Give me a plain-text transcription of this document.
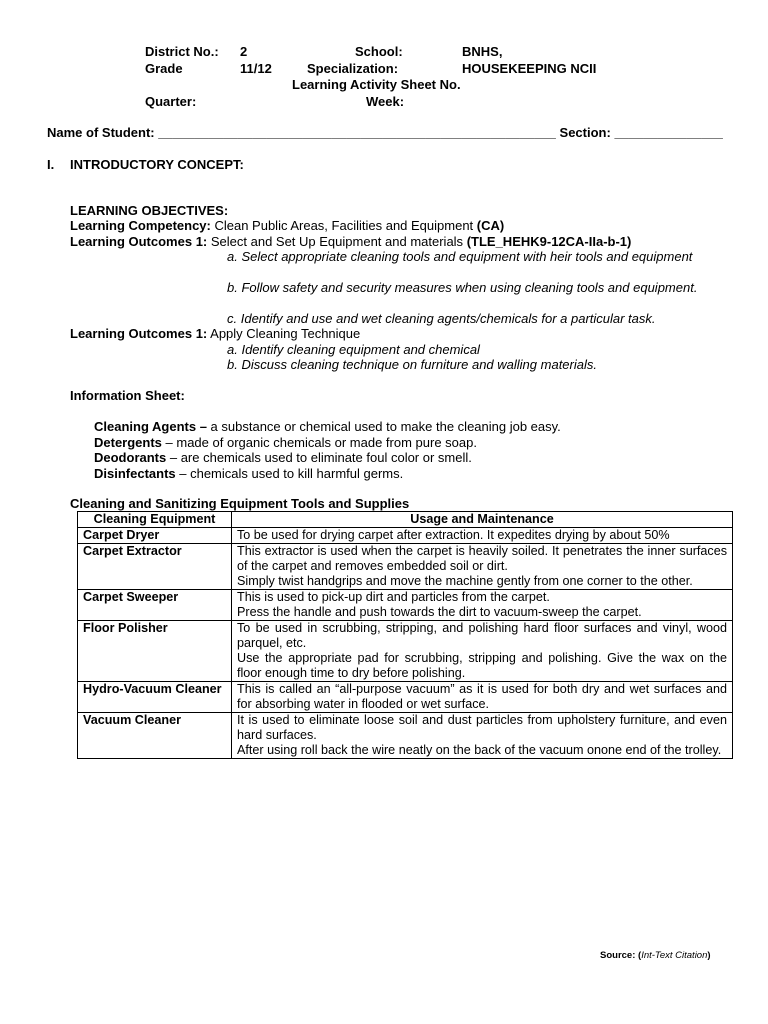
District No.: 2	School:	BNHS,
Grade	11/12	Specialization:	HOUSEKEEPING NCII
Learning Activity Sheet No.
Quarter:	Week:
Name of Student: _______________________________________________________ Section: _______________
I. INTRODUCTORY CONCEPT:
LEARNING OBJECTIVES:
Learning Competency: Clean Public Areas, Facilities and Equipment (CA)
Learning Outcomes 1: Select and Set Up Equipment and materials (TLE_HEHK9-12CA-IIa-b-1)
a. Select appropriate cleaning tools and equipment with heir tools and equipment
b. Follow safety and security measures when using cleaning tools and equipment.
c. Identify and use and wet cleaning agents/chemicals for a particular task.
Learning Outcomes 1: Apply Cleaning Technique
a. Identify cleaning equipment and chemical
b. Discuss cleaning technique on furniture and walling materials.
Information Sheet:
Cleaning Agents – a substance or chemical used to make the cleaning job easy.
Detergents – made of organic chemicals or made from pure soap.
Deodorants – are chemicals used to eliminate foul color or smell.
Disinfectants – chemicals used to kill harmful germs.
Cleaning and Sanitizing Equipment Tools and Supplies
Cleaning Equipment	Usage and Maintenance
Carpet Dryer	To be used for drying carpet after extraction. It expedites drying by about 50%

Carpet Extractor	This extractor is used when the carpet is heavily soiled. It penetrates the inner surfaces of the carpet and removes embedded soil or dirt.
Simply twist handgrips and move the machine gently from one corner to the other.

Carpet Sweeper	This is used to pick-up dirt and particles from the carpet.
Press the handle and push towards the dirt to vacuum-sweep the carpet.

Floor Polisher	To be used in scrubbing, stripping, and polishing hard floor surfaces and vinyl, wood parquel, etc.
Use the appropriate pad for scrubbing, stripping and polishing. Give the wax on the floor enough time to dry before polishing.

Hydro-Vacuum Cleaner	This is called an “all-purpose vacuum” as it is used for both dry and wet surfaces and for absorbing water in flooded or wet surface.

Vacuum Cleaner	It is used to eliminate loose soil and dust particles from upholstery furniture, and even hard surfaces.
After using roll back the wire neatly on the back of the vacuum onone end of the trolley.
Source: (Int-Text Citation)
